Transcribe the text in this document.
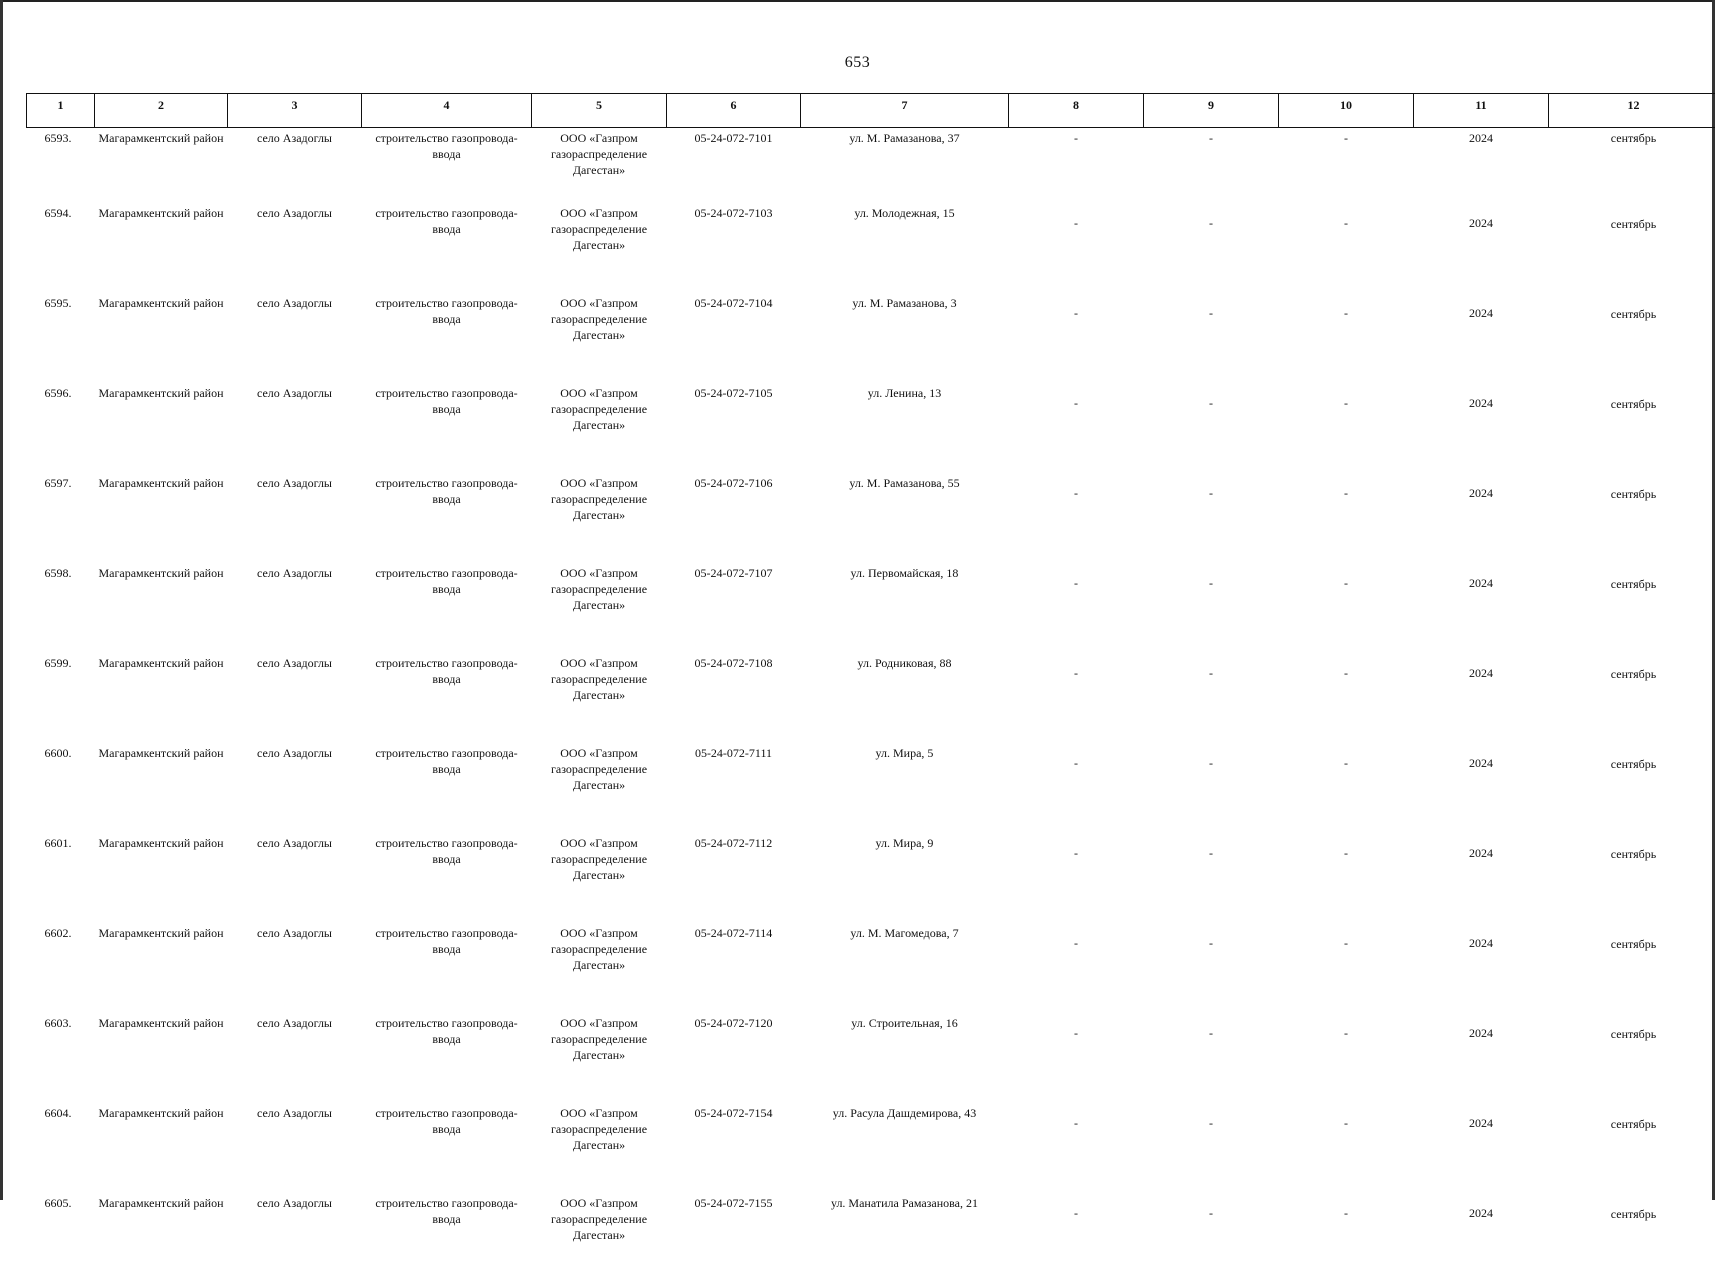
653
1	2	3	4	5	6	7	8	9	10	11	12
6593.	Магарамкентский район	село Азадоглы	строительство газопровода-ввода	ООО «Газпром газораспределение Дагестан»	05-24-072-7101	ул. М. Рамазанова, 37	-	-	-	2024	сентябрь
6594.	Магарамкентский район	село Азадоглы	строительство газопровода-ввода	ООО «Газпром газораспределение Дагестан»	05-24-072-7103	ул. Молодежная, 15	-	-	-	2024	сентябрь
6595.	Магарамкентский район	село Азадоглы	строительство газопровода-ввода	ООО «Газпром газораспределение Дагестан»	05-24-072-7104	ул. М. Рамазанова, 3	-	-	-	2024	сентябрь
6596.	Магарамкентский район	село Азадоглы	строительство газопровода-ввода	ООО «Газпром газораспределение Дагестан»	05-24-072-7105	ул. Ленина, 13	-	-	-	2024	сентябрь
6597.	Магарамкентский район	село Азадоглы	строительство газопровода-ввода	ООО «Газпром газораспределение Дагестан»	05-24-072-7106	ул. М. Рамазанова, 55	-	-	-	2024	сентябрь
6598.	Магарамкентский район	село Азадоглы	строительство газопровода-ввода	ООО «Газпром газораспределение Дагестан»	05-24-072-7107	ул. Первомайская, 18	-	-	-	2024	сентябрь
6599.	Магарамкентский район	село Азадоглы	строительство газопровода-ввода	ООО «Газпром газораспределение Дагестан»	05-24-072-7108	ул. Родниковая, 88	-	-	-	2024	сентябрь
6600.	Магарамкентский район	село Азадоглы	строительство газопровода-ввода	ООО «Газпром газораспределение Дагестан»	05-24-072-7111	ул. Мира, 5	-	-	-	2024	сентябрь
6601.	Магарамкентский район	село Азадоглы	строительство газопровода-ввода	ООО «Газпром газораспределение Дагестан»	05-24-072-7112	ул. Мира, 9	-	-	-	2024	сентябрь
6602.	Магарамкентский район	село Азадоглы	строительство газопровода-ввода	ООО «Газпром газораспределение Дагестан»	05-24-072-7114	ул. М. Магомедова, 7	-	-	-	2024	сентябрь
6603.	Магарамкентский район	село Азадоглы	строительство газопровода-ввода	ООО «Газпром газораспределение Дагестан»	05-24-072-7120	ул. Строительная, 16	-	-	-	2024	сентябрь
6604.	Магарамкентский район	село Азадоглы	строительство газопровода-ввода	ООО «Газпром газораспределение Дагестан»	05-24-072-7154	ул. Расула Дашдемирова, 43	-	-	-	2024	сентябрь
6605.	Магарамкентский район	село Азадоглы	строительство газопровода-ввода	ООО «Газпром газораспределение Дагестан»	05-24-072-7155	ул. Манатила Рамазанова, 21	-	-	-	2024	сентябрь
